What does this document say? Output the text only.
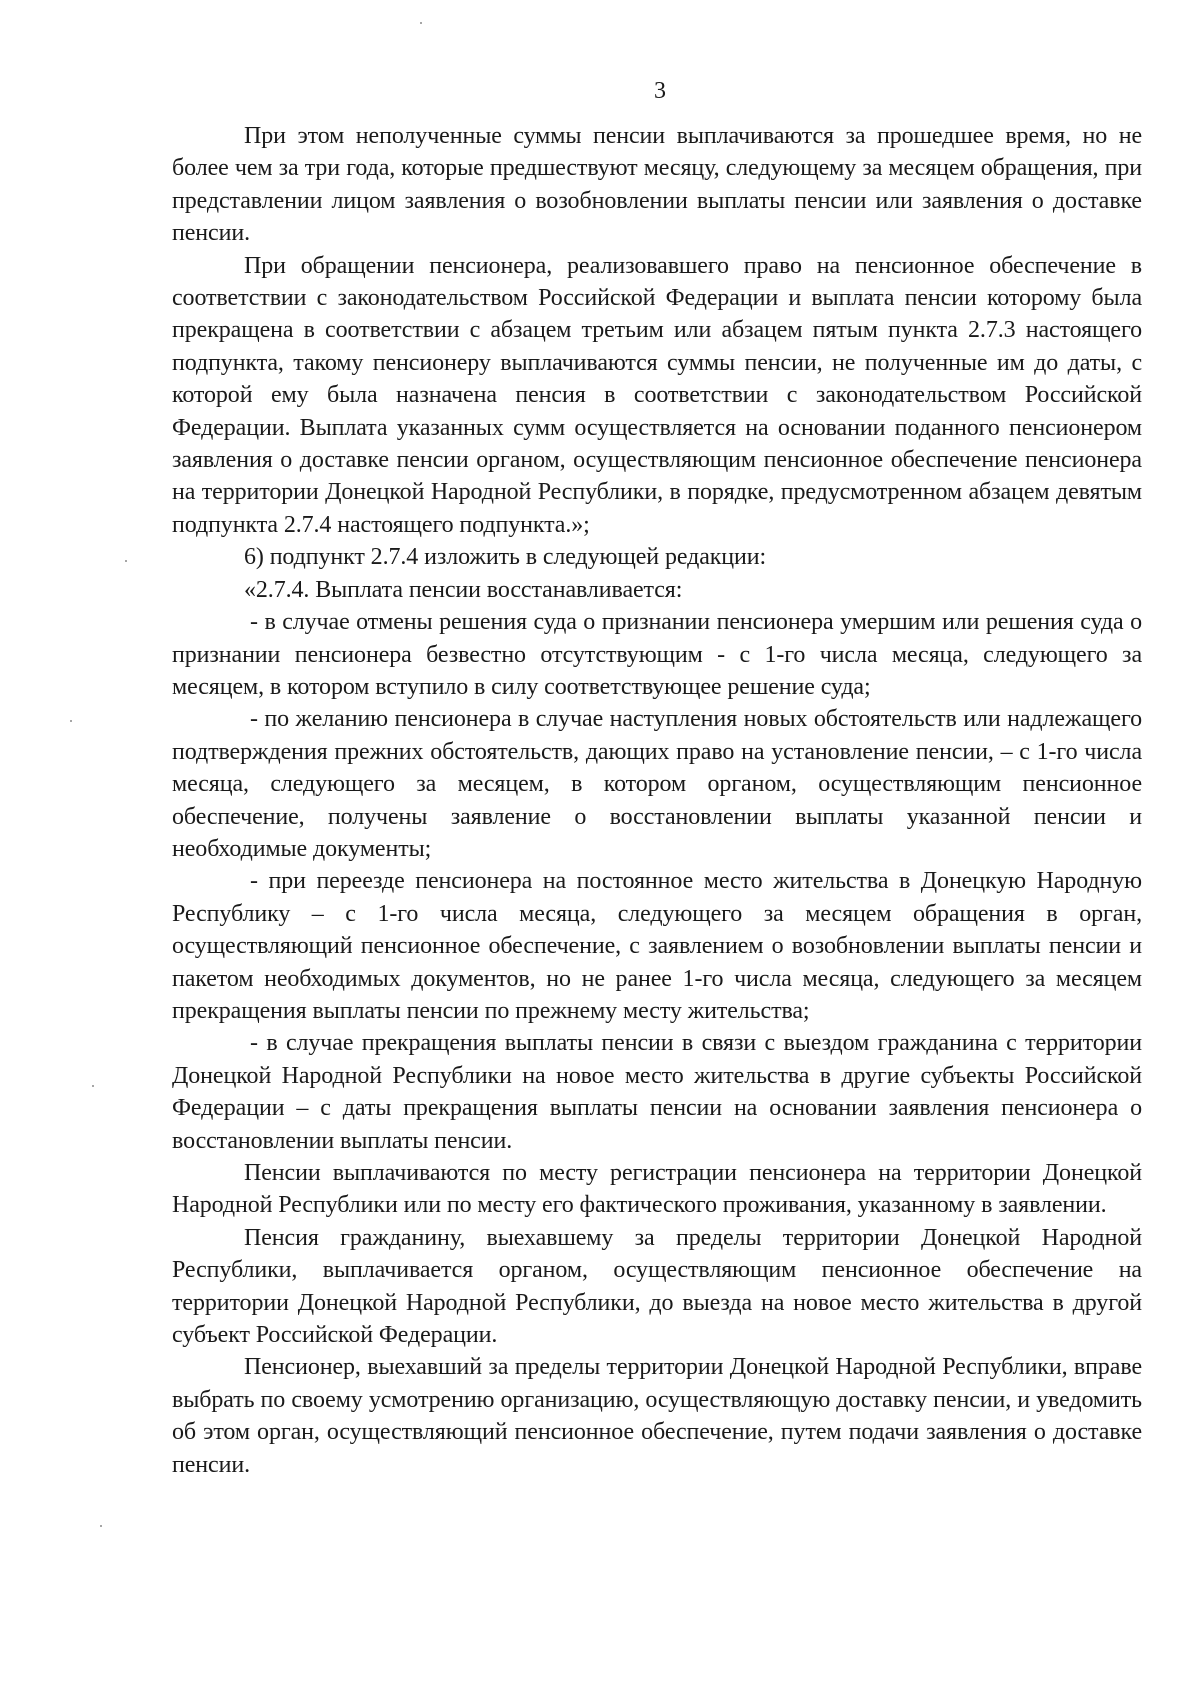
3

При этом неполученные суммы пенсии выплачиваются за прошедшее время, но не более чем за три года, которые предшествуют месяцу, следующему за месяцем обращения, при представлении лицом заявления о возобновлении выплаты пенсии или заявления о доставке пенсии.

При обращении пенсионера, реализовавшего право на пенсионное обеспечение в соответствии с законодательством Российской Федерации и выплата пенсии которому была прекращена в соответствии с абзацем третьим или абзацем пятым пункта 2.7.3 настоящего подпункта, такому пенсионеру выплачиваются суммы пенсии, не полученные им до даты, с которой ему была назначена пенсия в соответствии с законодательством Российской Федерации. Выплата указанных сумм осуществляется на основании поданного пенсионером заявления о доставке пенсии органом, осуществляющим пенсионное обеспечение пенсионера на территории Донецкой Народной Республики, в порядке, предусмотренном абзацем девятым подпункта 2.7.4 настоящего подпункта.»;

6) подпункт 2.7.4 изложить в следующей редакции:

«2.7.4. Выплата пенсии восстанавливается:

- в случае отмены решения суда о признании пенсионера умершим или решения суда о признании пенсионера безвестно отсутствующим - с 1-го числа месяца, следующего за месяцем, в котором вступило в силу соответствующее решение суда;

- по желанию пенсионера в случае наступления новых обстоятельств или надлежащего подтверждения прежних обстоятельств, дающих право на установление пенсии, – с 1-го числа месяца, следующего за месяцем, в котором органом, осуществляющим пенсионное обеспечение, получены заявление о восстановлении выплаты указанной пенсии и необходимые документы;

- при переезде пенсионера на постоянное место жительства в Донецкую Народную Республику – с 1-го числа месяца, следующего за месяцем обращения в орган, осуществляющий пенсионное обеспечение, с заявлением о возобновлении выплаты пенсии и пакетом необходимых документов, но не ранее 1-го числа месяца, следующего за месяцем прекращения выплаты пенсии по прежнему месту жительства;

- в случае прекращения выплаты пенсии в связи с выездом гражданина с территории Донецкой Народной Республики на новое место жительства в другие субъекты Российской Федерации – с даты прекращения выплаты пенсии на основании заявления пенсионера о восстановлении выплаты пенсии.

Пенсии выплачиваются по месту регистрации пенсионера на территории Донецкой Народной Республики или по месту его фактического проживания, указанному в заявлении.

Пенсия гражданину, выехавшему за пределы территории Донецкой Народной Республики, выплачивается органом, осуществляющим пенсионное обеспечение на территории Донецкой Народной Республики, до выезда на новое место жительства в другой субъект Российской Федерации.

Пенсионер, выехавший за пределы территории Донецкой Народной Республики, вправе выбрать по своему усмотрению организацию, осуществляющую доставку пенсии, и уведомить об этом орган, осуществляющий пенсионное обеспечение, путем подачи заявления о доставке пенсии.
